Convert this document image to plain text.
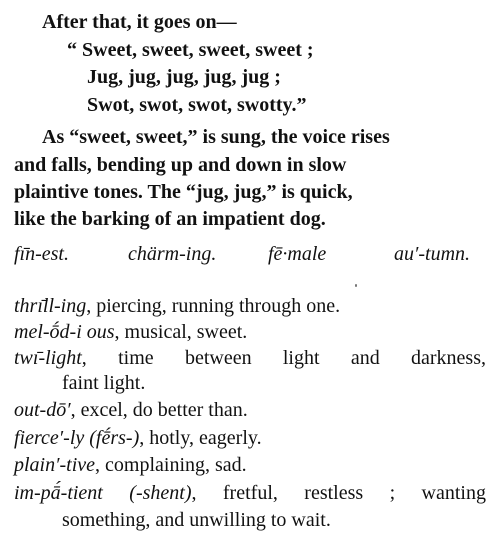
After that, it goes on—
“ Sweet, sweet, sweet, sweet ;
Jug, jug, jug, jug, jug ;
Swot, swot, swot, swotty.”
As “sweet, sweet,” is sung, the voice rises
and falls, bending up and down in slow
plaintive tones. The “jug, jug,” is quick,
like the barking of an impatient dog.
fı̄n-est.	chärm-ing.	fē·male	au′-tumn.
thrı̄ll-ing, piercing, running through one.
mel-ṓd-i ous, musical, sweet.
twı̄-light, time between light and darkness,
faint light.
out-dō′, excel, do better than.
fierce′-ly (fḗrs-), hotly, eagerly.
plain′-tive, complaining, sad.
im-pā́-tient (-shent), fretful, restless ; wanting
something, and unwilling to wait.
